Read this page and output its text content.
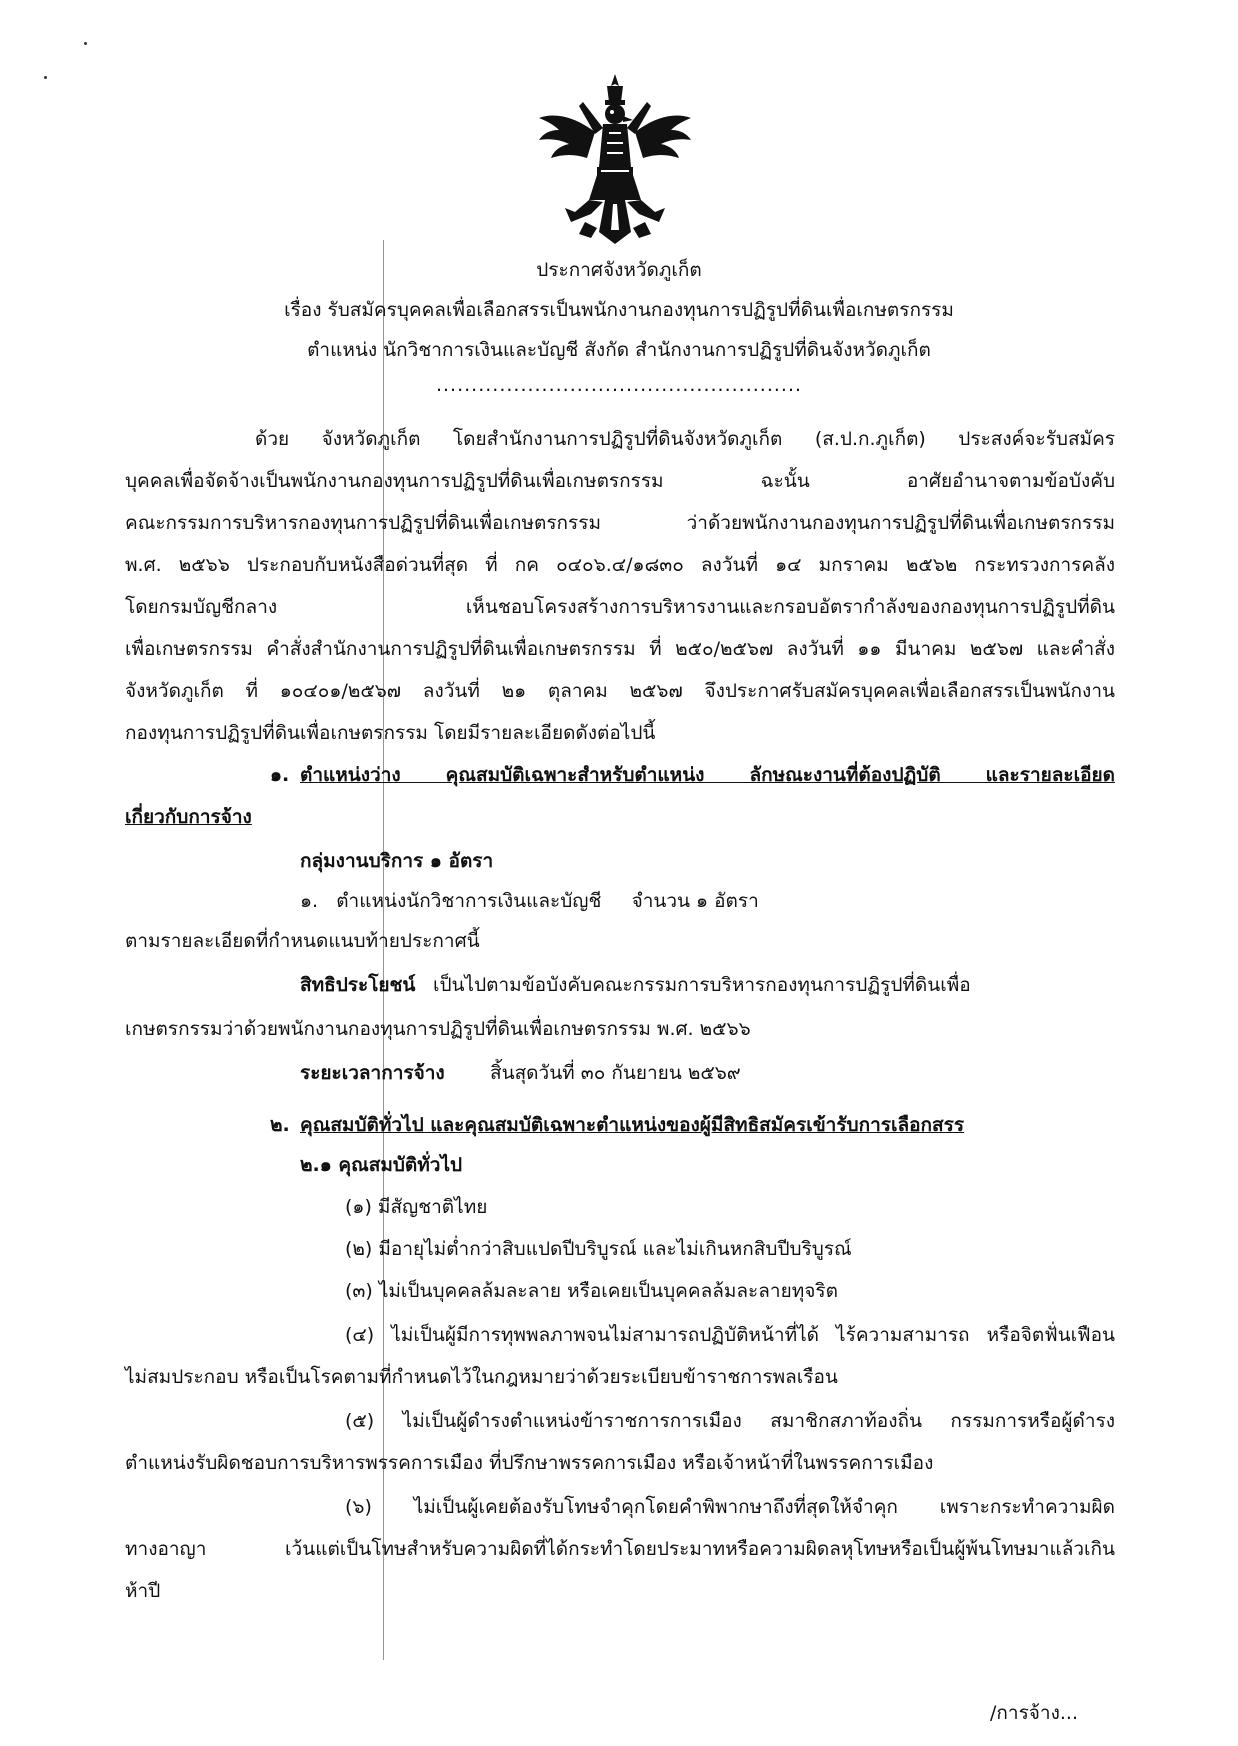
ประกาศจังหวัดภูเก็ต
เรื่อง รับสมัครบุคคลเพื่อเลือกสรรเป็นพนักงานกองทุนการปฏิรูปที่ดินเพื่อเกษตรกรรม
ตำแหน่ง นักวิชาการเงินและบัญชี สังกัด สำนักงานการปฏิรูปที่ดินจังหวัดภูเก็ต
....................................................
ด้วย จังหวัดภูเก็ต โดยสำนักงานการปฏิรูปที่ดินจังหวัดภูเก็ต (ส.ป.ก.ภูเก็ต) ประสงค์จะรับสมัคร
บุคคลเพื่อจัดจ้างเป็นพนักงานกองทุนการปฏิรูปที่ดินเพื่อเกษตรกรรม ฉะนั้น อาศัยอำนาจตามข้อบังคับ
คณะกรรมการบริหารกองทุนการปฏิรูปที่ดินเพื่อเกษตรกรรม ว่าด้วยพนักงานกองทุนการปฏิรูปที่ดินเพื่อเกษตรกรรม
พ.ศ. ๒๕๖๖ ประกอบกับหนังสือด่วนที่สุด ที่ กค ๐๔๐๖.๔/๑๘๓๐ ลงวันที่ ๑๔ มกราคม ๒๕๖๒ กระทรวงการคลัง
โดยกรมบัญชีกลาง เห็นชอบโครงสร้างการบริหารงานและกรอบอัตรากำลังของกองทุนการปฏิรูปที่ดิน
เพื่อเกษตรกรรม คำสั่งสำนักงานการปฏิรูปที่ดินเพื่อเกษตรกรรม ที่ ๒๕๐/๒๕๖๗ ลงวันที่ ๑๑ มีนาคม ๒๕๖๗ และคำสั่ง
จังหวัดภูเก็ต ที่ ๑๐๔๐๑/๒๕๖๗ ลงวันที่ ๒๑ ตุลาคม ๒๕๖๗ จึงประกาศรับสมัครบุคคลเพื่อเลือกสรรเป็นพนักงาน
กองทุนการปฏิรูปที่ดินเพื่อเกษตรกรรม โดยมีรายละเอียดดังต่อไปนี้
๑. ตำแหน่งว่าง คุณสมบัติเฉพาะสำหรับตำแหน่ง ลักษณะงานที่ต้องปฏิบัติ และรายละเอียด
เกี่ยวกับการจ้าง
กลุ่มงานบริการ ๑ อัตรา
๑.   ตำแหน่งนักวิชาการเงินและบัญชี     จำนวน ๑ อัตรา
ตามรายละเอียดที่กำหนดแนบท้ายประกาศนี้
สิทธิประโยชน์ เป็นไปตามข้อบังคับคณะกรรมการบริหารกองทุนการปฏิรูปที่ดินเพื่อ
เกษตรกรรมว่าด้วยพนักงานกองทุนการปฏิรูปที่ดินเพื่อเกษตรกรรม พ.ศ. ๒๕๖๖
ระยะเวลาการจ้าง สิ้นสุดวันที่ ๓๐ กันยายน ๒๕๖๙
๒. คุณสมบัติทั่วไป และคุณสมบัติเฉพาะตำแหน่งของผู้มีสิทธิสมัครเข้ารับการเลือกสรร
๒.๑ คุณสมบัติทั่วไป
(๑) มีสัญชาติไทย
(๒) มีอายุไม่ต่ำกว่าสิบแปดปีบริบูรณ์ และไม่เกินหกสิบปีบริบูรณ์
(๓) ไม่เป็นบุคคลล้มละลาย หรือเคยเป็นบุคคลล้มละลายทุจริต
(๔) ไม่เป็นผู้มีการทุพพลภาพจนไม่สามารถปฏิบัติหน้าที่ได้ ไร้ความสามารถ หรือจิตฟั่นเฟือน
ไม่สมประกอบ หรือเป็นโรคตามที่กำหนดไว้ในกฎหมายว่าด้วยระเบียบข้าราชการพลเรือน
(๕) ไม่เป็นผู้ดำรงตำแหน่งข้าราชการการเมือง สมาชิกสภาท้องถิ่น กรรมการหรือผู้ดำรง
ตำแหน่งรับผิดชอบการบริหารพรรคการเมือง ที่ปรึกษาพรรคการเมือง หรือเจ้าหน้าที่ในพรรคการเมือง
(๖) ไม่เป็นผู้เคยต้องรับโทษจำคุกโดยคำพิพากษาถึงที่สุดให้จำคุก เพราะกระทำความผิด
ทางอาญา เว้นแต่เป็นโทษสำหรับความผิดที่ได้กระทำโดยประมาทหรือความผิดลหุโทษหรือเป็นผู้พ้นโทษมาแล้วเกิน
ห้าปี
/การจ้าง...
